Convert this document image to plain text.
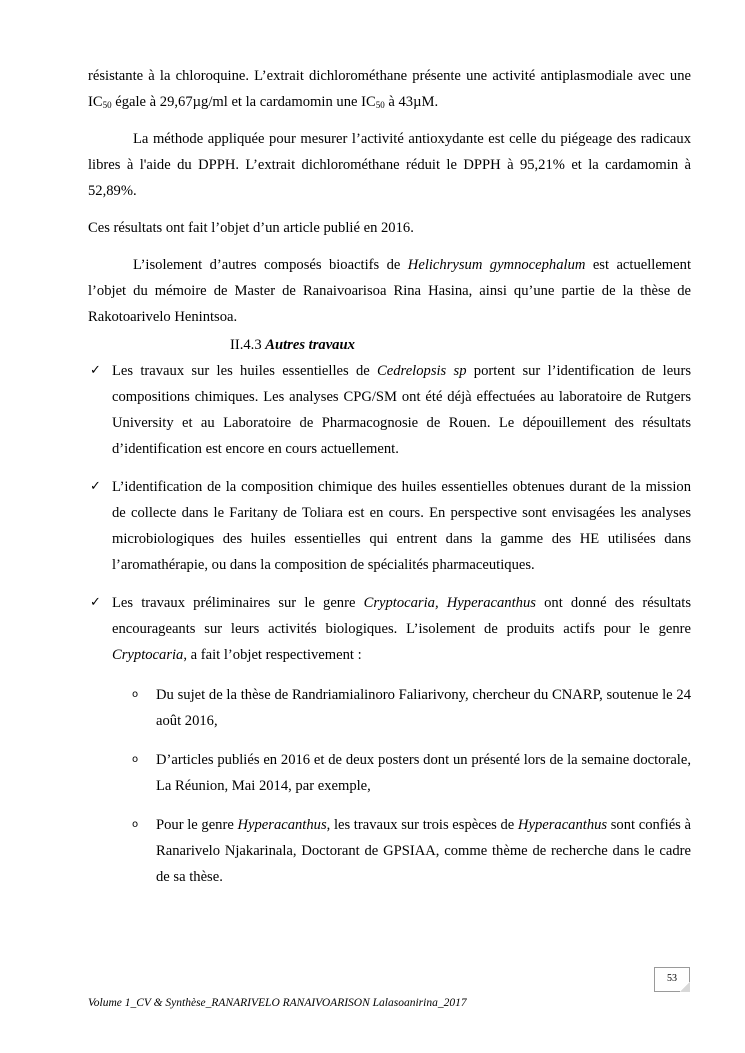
résistante à la chloroquine. L’extrait dichlorométhane présente une activité antiplasmodiale avec une $IC_{50}$ égale à 29,67µg/ml et la cardamomin une $IC_{50}$ à 43µM.

La méthode appliquée pour mesurer l’activité antioxydante est celle du piégeage des radicaux libres à l'aide du DPPH. L’extrait dichlorométhane réduit le DPPH à 95,21% et la cardamomin à 52,89%.

Ces résultats ont fait l’objet d’un article publié en 2016.

L’isolement d’autres composés bioactifs de Helichrysum gymnocephalum est actuellement l’objet du mémoire de Master de Ranaivoarisoa Rina Hasina, ainsi qu’une partie de la thèse de Rakotoarivelo Henintsoa.

II.4.3 Autres travaux

✓ Les travaux sur les huiles essentielles de Cedrelopsis sp portent sur l’identification de leurs compositions chimiques. Les analyses CPG/SM ont été déjà effectuées au laboratoire de Rutgers University et au Laboratoire de Pharmacognosie de Rouen. Le dépouillement des résultats d’identification est encore en cours actuellement.

✓ L’identification de la composition chimique des huiles essentielles obtenues durant de la mission de collecte dans le Faritany de Toliara est en cours. En perspective sont envisagées les analyses microbiologiques des huiles essentielles qui entrent dans la gamme des HE utilisées dans l’aromathérapie, ou dans la composition de spécialités pharmaceutiques.

✓ Les travaux préliminaires sur le genre Cryptocaria, Hyperacanthus ont donné des résultats encourageants sur leurs activités biologiques. L’isolement de produits actifs pour le genre Cryptocaria, a fait l’objet respectivement :

o Du sujet de la thèse de Randriamialinoro Faliarivony, chercheur du CNARP, soutenue le 24 août 2016,

o D’articles publiés en 2016 et de deux posters dont un présenté lors de la semaine doctorale, La Réunion, Mai 2014, par exemple,

o Pour le genre Hyperacanthus, les travaux sur trois espèces de Hyperacanthus sont confiés à Ranarivelo Njakarinala, Doctorant de GPSIAA, comme thème de recherche dans le cadre de sa thèse.

53
Volume 1_CV & Synthèse_RANARIVELO RANAIVOARISON Lalasoanirina_2017
